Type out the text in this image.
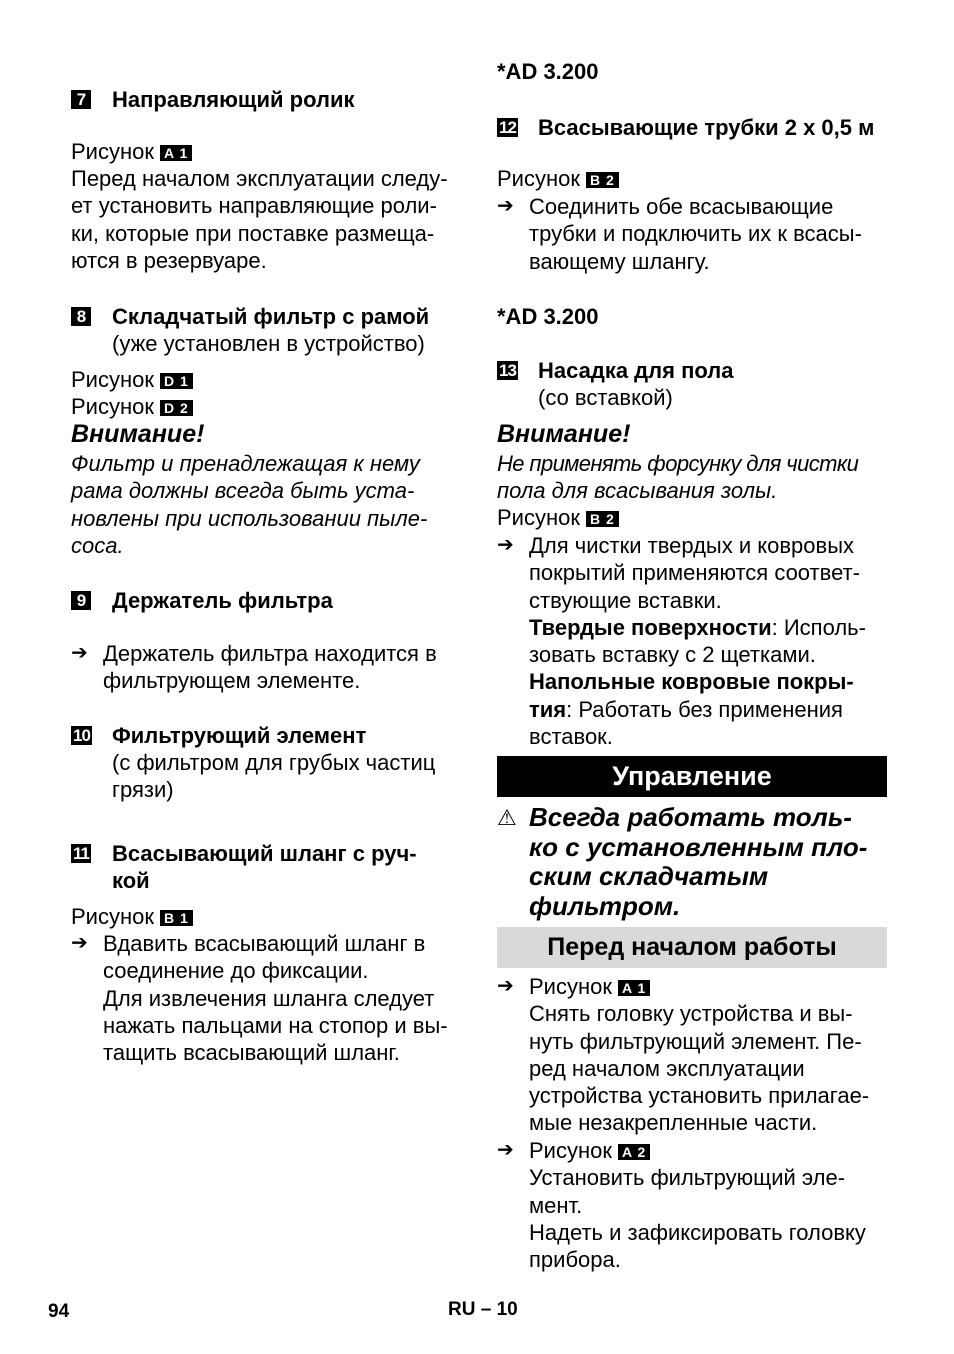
7 Направляющий ролик
Рисунок A 1
Перед началом эксплуатации следу-
ет установить направляющие роли-
ки, которые при поставке размеща-
ются в резервуаре.
8 Складчатый фильтр с рамой
(уже установлен в устройство)
Рисунок D 1
Рисунок D 2
Внимание!
Фильтр и пренадлежащая к нему
рама должны всегда быть уста-
новлены при использовании пыле-
соса.
9 Держатель фильтра
➔ Держатель фильтра находится в
фильтрующем элементе.
10 Фильтрующий элемент
(с фильтром для грубых частиц
грязи)
11 Всасывающий шланг с руч-
кой
Рисунок B 1
➔ Вдавить всасывающий шланг в
соединение до фиксации.
Для извлечения шланга следует
нажать пальцами на стопор и вы-
тащить всасывающий шланг.
*AD 3.200
12 Всасывающие трубки 2 x 0,5 м
Рисунок B 2
➔ Соединить обе всасывающие
трубки и подключить их к всасы-
вающему шлангу.
*AD 3.200
13 Насадка для пола
(со вставкой)
Внимание!
Не применять форсунку для чистки
пола для всасывания золы.
Рисунок B 2
➔ Для чистки твердых и ковровых
покрытий применяются соответ-
ствующие вставки.
Твердые поверхности: Исполь-
зовать вставку с 2 щетками.
Напольные ковровые покры-
тия: Работать без применения
вставок.
Управление
⚠ Всегда работать толь-
ко с установленным пло-
ским складчатым
фильтром.
Перед началом работы
➔ Рисунок A 1
Снять головку устройства и вы-
нуть фильтрующий элемент. Пе-
ред началом эксплуатации
устройства установить прилагае-
мые незакрепленные части.
➔ Рисунок A 2
Установить фильтрующий эле-
мент.
Надеть и зафиксировать головку
прибора.
94	RU – 10
